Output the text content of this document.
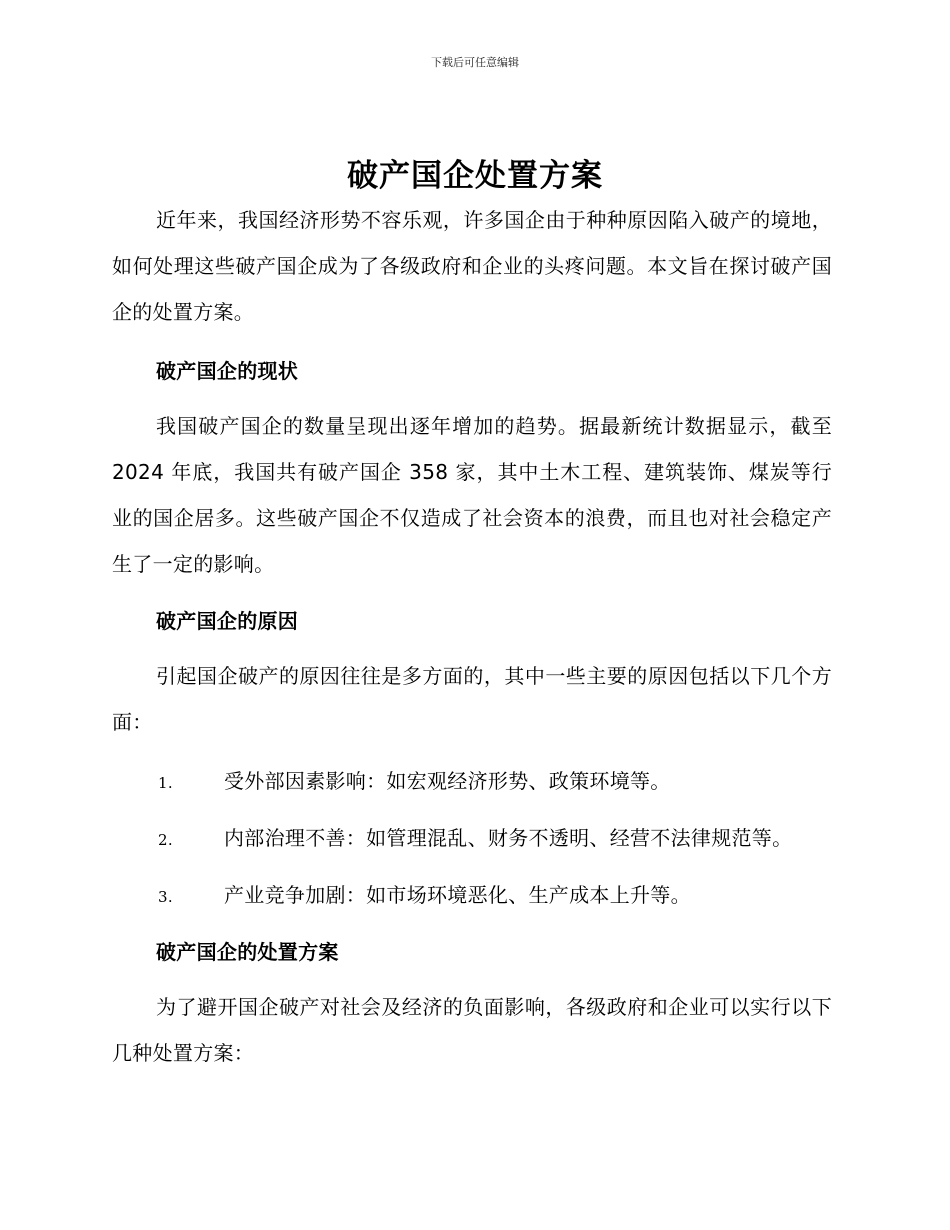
下载后可任意编辑
破产国企处置方案
近年来，我国经济形势不容乐观，许多国企由于种种原因陷入破产的境地，如何处理这些破产国企成为了各级政府和企业的头疼问题。本文旨在探讨破产国企的处置方案。
破产国企的现状
我国破产国企的数量呈现出逐年增加的趋势。据最新统计数据显示，截至 2024 年底，我国共有破产国企 358 家，其中土木工程、建筑装饰、煤炭等行业的国企居多。这些破产国企不仅造成了社会资本的浪费，而且也对社会稳定产生了一定的影响。
破产国企的原因
引起国企破产的原因往往是多方面的，其中一些主要的原因包括以下几个方面：
1.	受外部因素影响：如宏观经济形势、政策环境等。
2.	内部治理不善：如管理混乱、财务不透明、经营不法律规范等。
3.	产业竞争加剧：如市场环境恶化、生产成本上升等。
破产国企的处置方案
为了避开国企破产对社会及经济的负面影响，各级政府和企业可以实行以下几种处置方案：
